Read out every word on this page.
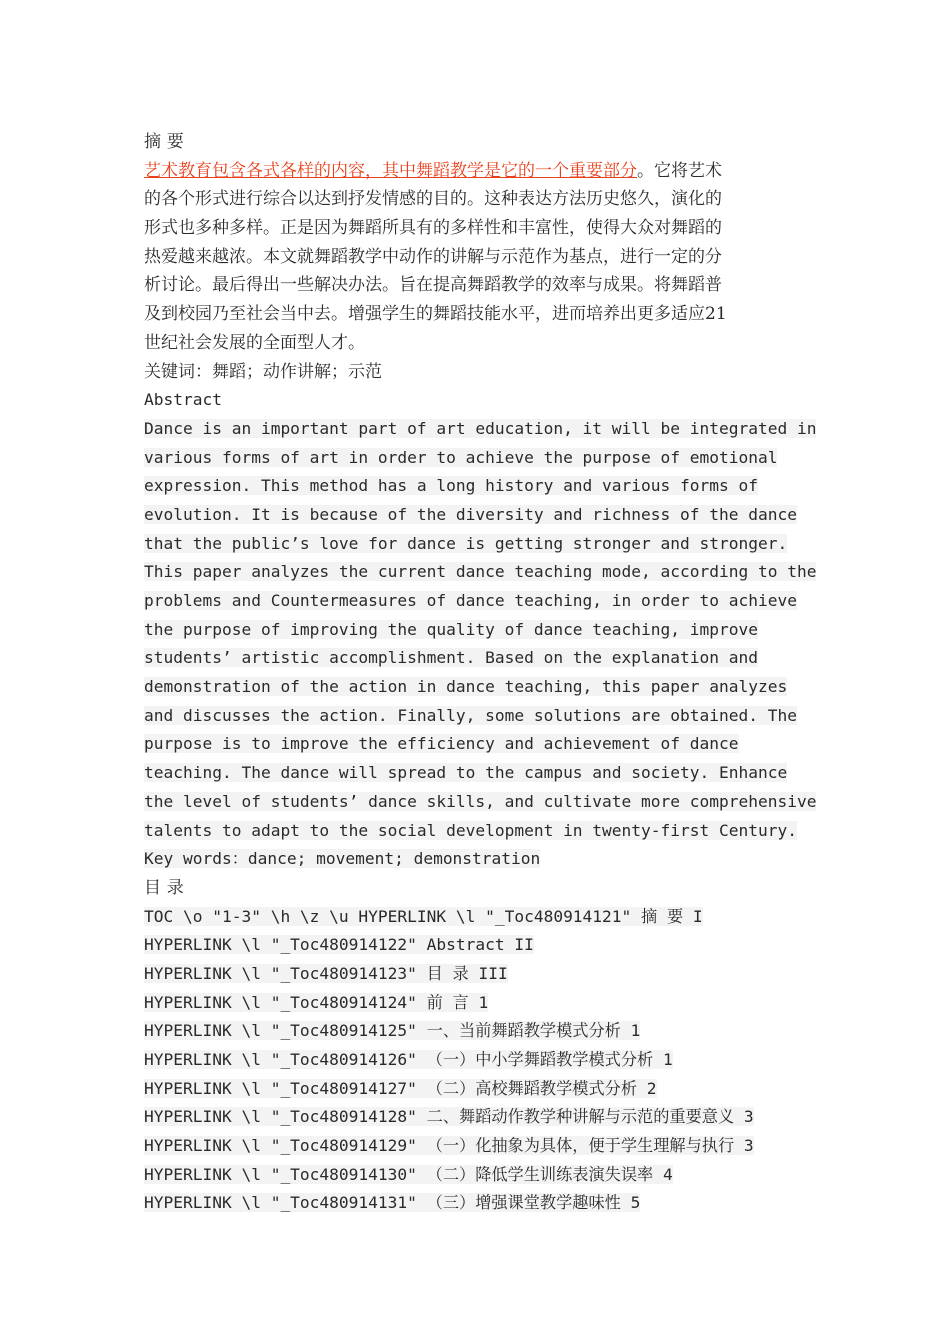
摘 要
艺术教育包含各式各样的内容，其中舞蹈教学是它的一个重要部分。它将艺术
的各个形式进行综合以达到抒发情感的目的。这种表达方法历史悠久，演化的
形式也多种多样。正是因为舞蹈所具有的多样性和丰富性，使得大众对舞蹈的
热爱越来越浓。本文就舞蹈教学中动作的讲解与示范作为基点，进行一定的分
析讨论。最后得出一些解决办法。旨在提高舞蹈教学的效率与成果。将舞蹈普
及到校园乃至社会当中去。增强学生的舞蹈技能水平，进而培养出更多适应21
世纪社会发展的全面型人才。
关键词：舞蹈；动作讲解；示范
Abstract
Dance is an important part of art education, it will be integrated in
various forms of art in order to achieve the purpose of emotional
expression. This method has a long history and various forms of
evolution. It is because of the diversity and richness of the dance
that the public’s love for dance is getting stronger and stronger.
This paper analyzes the current dance teaching mode, according to the
problems and Countermeasures of dance teaching, in order to achieve
the purpose of improving the quality of dance teaching, improve
students’ artistic accomplishment. Based on the explanation and
demonstration of the action in dance teaching, this paper analyzes
and discusses the action. Finally, some solutions are obtained. The
purpose is to improve the efficiency and achievement of dance
teaching. The dance will spread to the campus and society. Enhance
the level of students’ dance skills, and cultivate more comprehensive
talents to adapt to the social development in twenty-first Century.
Key words：dance; movement; demonstration
目 录
TOC \o "1-3" \h \z \u HYPERLINK \l "_Toc480914121" 摘 要 I
HYPERLINK \l "_Toc480914122" Abstract II
HYPERLINK \l "_Toc480914123" 目 录 III
HYPERLINK \l "_Toc480914124" 前 言 1
HYPERLINK \l "_Toc480914125" 一、当前舞蹈教学模式分析 1
HYPERLINK \l "_Toc480914126" （一）中小学舞蹈教学模式分析 1
HYPERLINK \l "_Toc480914127" （二）高校舞蹈教学模式分析 2
HYPERLINK \l "_Toc480914128" 二、舞蹈动作教学种讲解与示范的重要意义 3
HYPERLINK \l "_Toc480914129" （一）化抽象为具体，便于学生理解与执行 3
HYPERLINK \l "_Toc480914130" （二）降低学生训练表演失误率 4
HYPERLINK \l "_Toc480914131" （三）增强课堂教学趣味性 5
